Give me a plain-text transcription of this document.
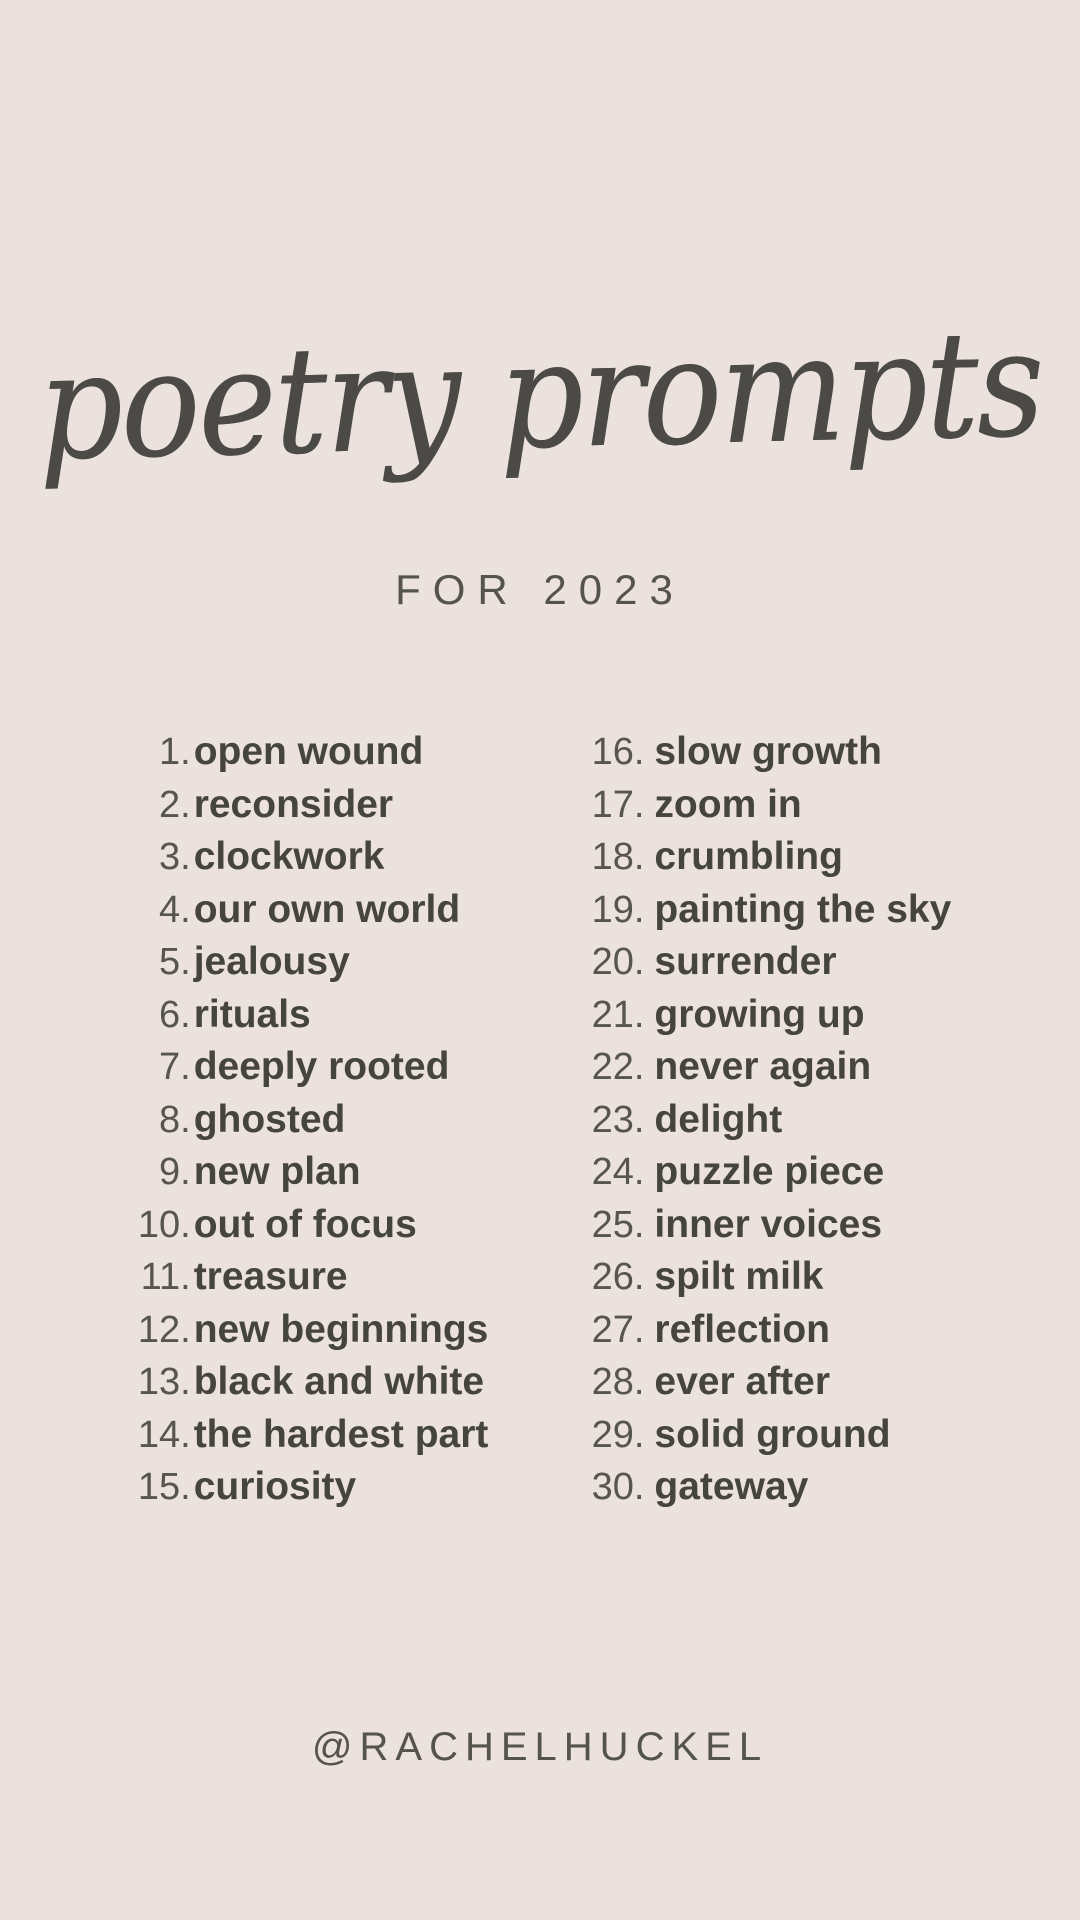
poetry prompts
FOR 2023
1. open wound
2. reconsider
3. clockwork
4. our own world
5. jealousy
6. rituals
7. deeply rooted
8. ghosted
9. new plan
10. out of focus
11. treasure
12. new beginnings
13. black and white
14. the hardest part
15. curiosity
16. slow growth
17. zoom in
18. crumbling
19. painting the sky
20. surrender
21. growing up
22. never again
23. delight
24. puzzle piece
25. inner voices
26. spilt milk
27. reflection
28. ever after
29. solid ground
30. gateway
@RACHELHUCKEL
